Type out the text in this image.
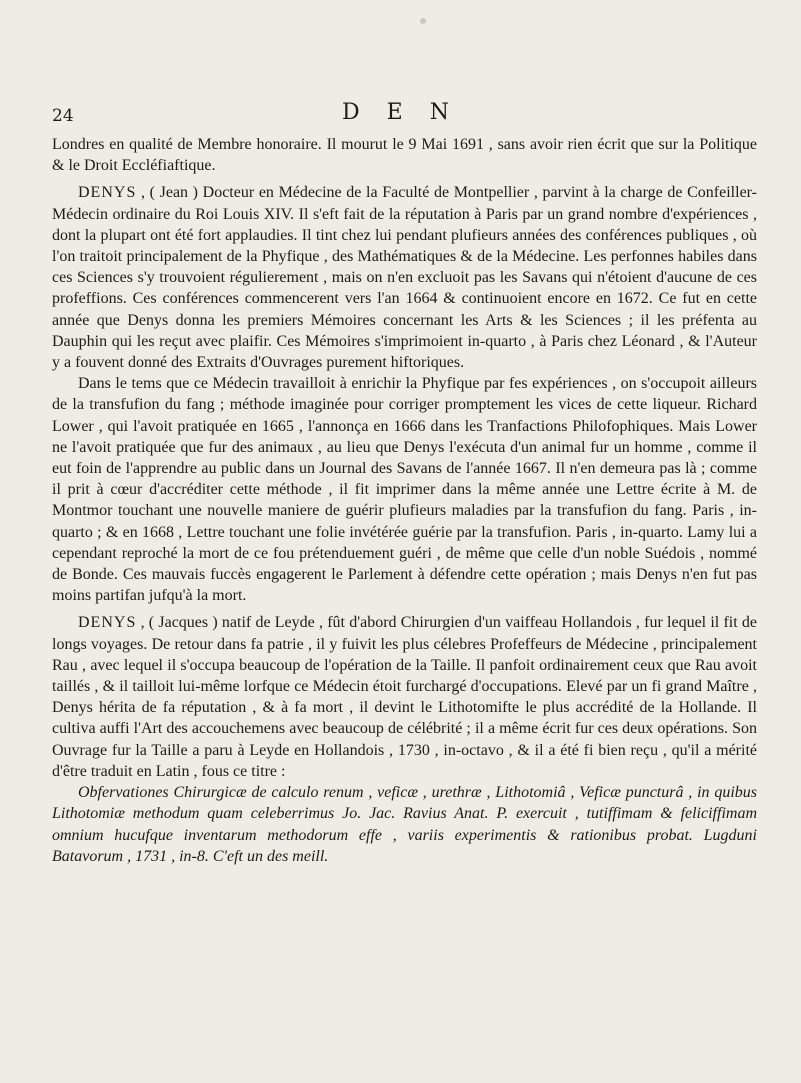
24	D E N

Londres en qualité de Membre honoraire. Il mourut le 9 Mai 1691 , sans avoir rien écrit que sur la Politique & le Droit Eccléfiaftique.

DENYS , ( Jean ) Docteur en Médecine de la Faculté de Montpellier , parvint à la charge de Confeiller-Médecin ordinaire du Roi Louis XIV. Il s'eft fait de la réputation à Paris par un grand nombre d'expériences , dont la plupart ont été fort applaudies. Il tint chez lui pendant plufieurs années des conférences publiques , où l'on traitoit principalement de la Phyfique , des Mathématiques & de la Médecine. Les perfonnes habiles dans ces Sciences s'y trouvoient régulierement , mais on n'en excluoit pas les Savans qui n'étoient d'aucune de ces profeffions. Ces conférences commencerent vers l'an 1664 & continuoient encore en 1672. Ce fut en cette année que Denys donna les premiers Mémoires concernant les Arts & les Sciences ; il les préfenta au Dauphin qui les reçut avec plaifir. Ces Mémoires s'imprimoient in-quarto , à Paris chez Léonard , & l'Auteur y a fouvent donné des Extraits d'Ouvrages purement hiftoriques.

Dans le tems que ce Médecin travailloit à enrichir la Phyfique par fes expériences , on s'occupoit ailleurs de la transfufion du fang ; méthode imaginée pour corriger promptement les vices de cette liqueur. Richard Lower , qui l'avoit pratiquée en 1665 , l'annonça en 1666 dans les Tranfactions Philofophiques. Mais Lower ne l'avoit pratiquée que fur des animaux , au lieu que Denys l'exécuta d'un animal fur un homme , comme il eut foin de l'apprendre au public dans un Journal des Savans de l'année 1667. Il n'en demeura pas là ; comme il prit à cœur d'accréditer cette méthode , il fit imprimer dans la même année une Lettre écrite à M. de Montmor touchant une nouvelle maniere de guérir plufieurs maladies par la transfufion du fang. Paris , in-quarto ; & en 1668 , Lettre touchant une folie invétérée guérie par la transfufion. Paris , in-quarto. Lamy lui a cependant reproché la mort de ce fou prétenduement guéri , de même que celle d'un noble Suédois , nommé de Bonde. Ces mauvais fuccès engagerent le Parlement à défendre cette opération ; mais Denys n'en fut pas moins partifan jufqu'à la mort.

DENYS , ( Jacques ) natif de Leyde , fût d'abord Chirurgien d'un vaiffeau Hollandois , fur lequel il fit de longs voyages. De retour dans fa patrie , il y fuivit les plus célebres Profeffeurs de Médecine , principalement Rau , avec lequel il s'occupa beaucoup de l'opération de la Taille. Il panfoit ordinairement ceux que Rau avoit taillés , & il tailloit lui-même lorfque ce Médecin étoit furchargé d'occupations. Elevé par un fi grand Maître , Denys hérita de fa réputation , & à fa mort , il devint le Lithotomifte le plus accrédité de la Hollande. Il cultiva auffi l'Art des accouchemens avec beaucoup de célébrité ; il a même écrit fur ces deux opérations. Son Ouvrage fur la Taille a paru à Leyde en Hollandois , 1730 , in-octavo , & il a été fi bien reçu , qu'il a mérité d'être traduit en Latin , fous ce titre :

Obfervationes Chirurgicæ de calculo renum , veficæ , urethræ , Lithotomiâ , Veficæ puncturâ , in quibus Lithotomiæ methodum quam celeberrimus Jo. Jac. Ravius Anat. P. exercuit , tutiffimam & feliciffimam omnium hucufque inventarum methodorum effe , variis experimentis & rationibus probat. Lugduni Batavorum , 1731 , in-8. C'eft un des meill.
